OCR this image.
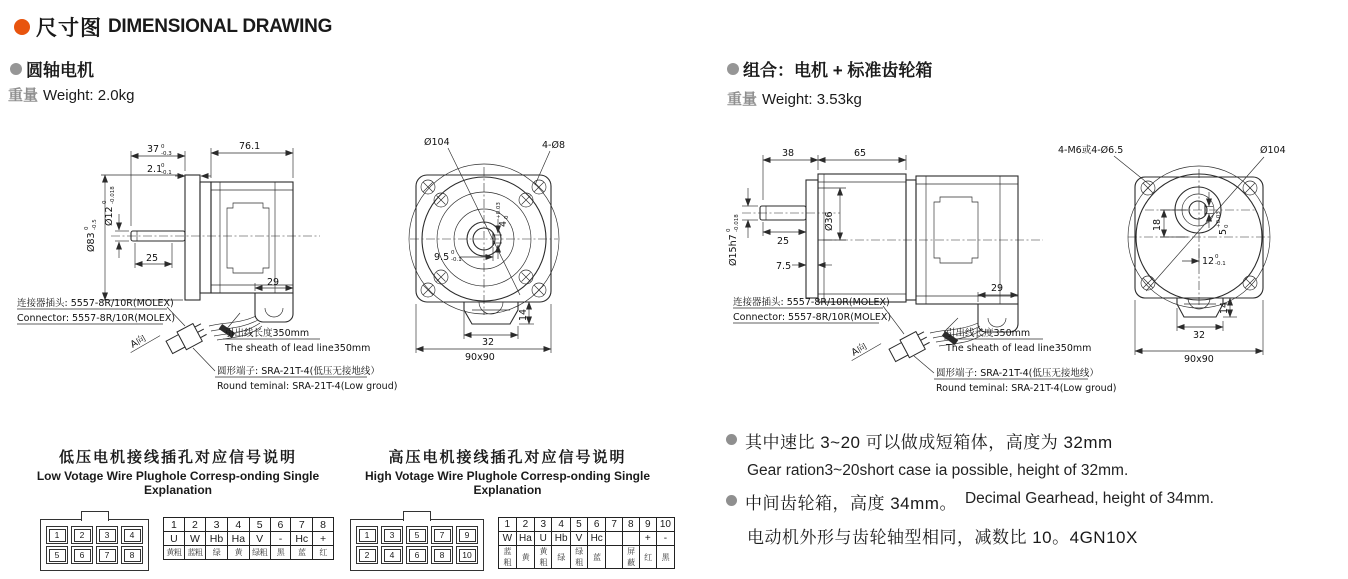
尺寸图 DIMENSIONAL DRAWING
圆轴电机
重量 Weight: 2.0kg
组合：电机 + 标准齿轮箱
重量 Weight: 3.53kg
37 0
-0.3
76.1
2.1
0
-0.1
Ø83
0 -0.5 Ø12
0 -0.018
25
29
连接器插头: 5557-8R/10R(MOLEX)
Connector: 5557-8R/10R(MOLEX)
A向	引出线长度350mm
The sheath of lead line350mm
圆形端子: SRA-21T-4(低压无接地线）
Round teminal: SRA-21T-4(Low groud)
Ø104	4-Ø8
4
+0.03 0
9.5 0
-0.1
14
32
90x90
38	65
Ø36
25
7.5
Ø15h7
0 -0.018
29
连接器插头: 5557-8R/10R(MOLEX)
Connector: 5557-8R/10R(MOLEX)
A向
引出线长度350mm
The sheath of lead line350mm
圆形端子: SRA-21T-4(低压无接地线）
Round teminal: SRA-21T-4(Low groud)
4-M6或4-Ø6.5	Ø104
5
+0.03 0
12 0
-0.1
18
14
32
90x90
低压电机接线插孔对应信号说明
Low Votage Wire Plughole Corresp-onding Single Explanation
1	2	3	4
5	6	7	8
1	2	3	4	5	6	7	8
U	W	Hb	Ha	V	-	Hc	+
黄粗	蓝粗	绿	黄	绿粗	黑	蓝	红
高压电机接线插孔对应信号说明
High Votage Wire Plughole Corresp-onding Single Explanation
1	3	5	7	9
2	4	6	8	10
1	2	3	4	5	6	7	8	9	10
W	Ha	U	Hb	V	Hc			+	-
蓝粗	黄	黄粗	绿	绿粗	蓝		屏蔽	红	黑
其中速比 3~20 可以做成短箱体，高度为 32mm
Gear ration3~20short case ia possible, height of 32mm.
中间齿轮箱，高度 34mm。 Decimal Gearhead, height of 34mm.
电动机外形与齿轮轴型相同，减数比 10。4GN10X
